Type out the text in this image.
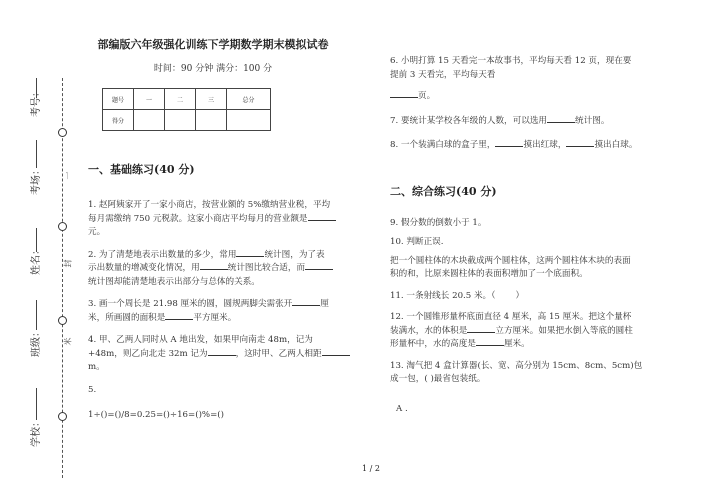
考号：
考场：
姓名：
班级：
学校：
一
封
米
部编版六年级强化训练下学期数学期末模拟试卷
时间：90 分钟 满分：100 分
题号	一	二	三	总分
得分				
一、基础练习(40 分)
1. 赵阿姨家开了一家小商店，按营业额的 5%缴纳营业税，平均
每月需缴纳 750 元税款。这家小商店平均每月的营业额是
元。
2. 为了清楚地表示出数量的多少，常用	统计图，为了表
示出数量的增减变化情况，用	统计图比较合适，而
统计图却能清楚地表示出部分与总体的关系。
3. 画一个周长是 21.98 厘米的圆，圆规两脚尖需张开	厘
米，所画圆的面积是	平方厘米。
4. 甲、乙两人同时从 A 地出发，如果甲向南走 48m，记为
+48m，则乙向北走 32m 记为	，这时甲、乙两人相距
m。
5.
1÷()=()/8=0.25=()÷16=()%=()
6. 小明打算 15 天看完一本故事书，平均每天看 12 页，现在要
提前 3 天看完，平均每天看
页。
7. 要统计某学校各年级的人数，可以选用	统计图。
8. 一个装满白球的盒子里，	摸出红球，	摸出白球。
二、综合练习(40 分)
9. 假分数的倒数小于 1。
10. 判断正误.
把一个圆柱体的木块截成两个圆柱体，这两个圆柱体木块的表面
积的和，比原来圆柱体的表面积增加了一个底面积。
11. 一条射线长 20.5 米。（ ）
12. 一个圆锥形量杯底面直径 4 厘米，高 15 厘米。把这个量杯
装满水，水的体积是	立方厘米。如果把水倒入等底的圆柱
形量杯中，水的高度是	厘米。
13. 淘气把 4 盒计算器(长、宽、高分别为 15cm、8cm、5cm)包
成一包，( )最省包装纸。
A .
1 / 2
